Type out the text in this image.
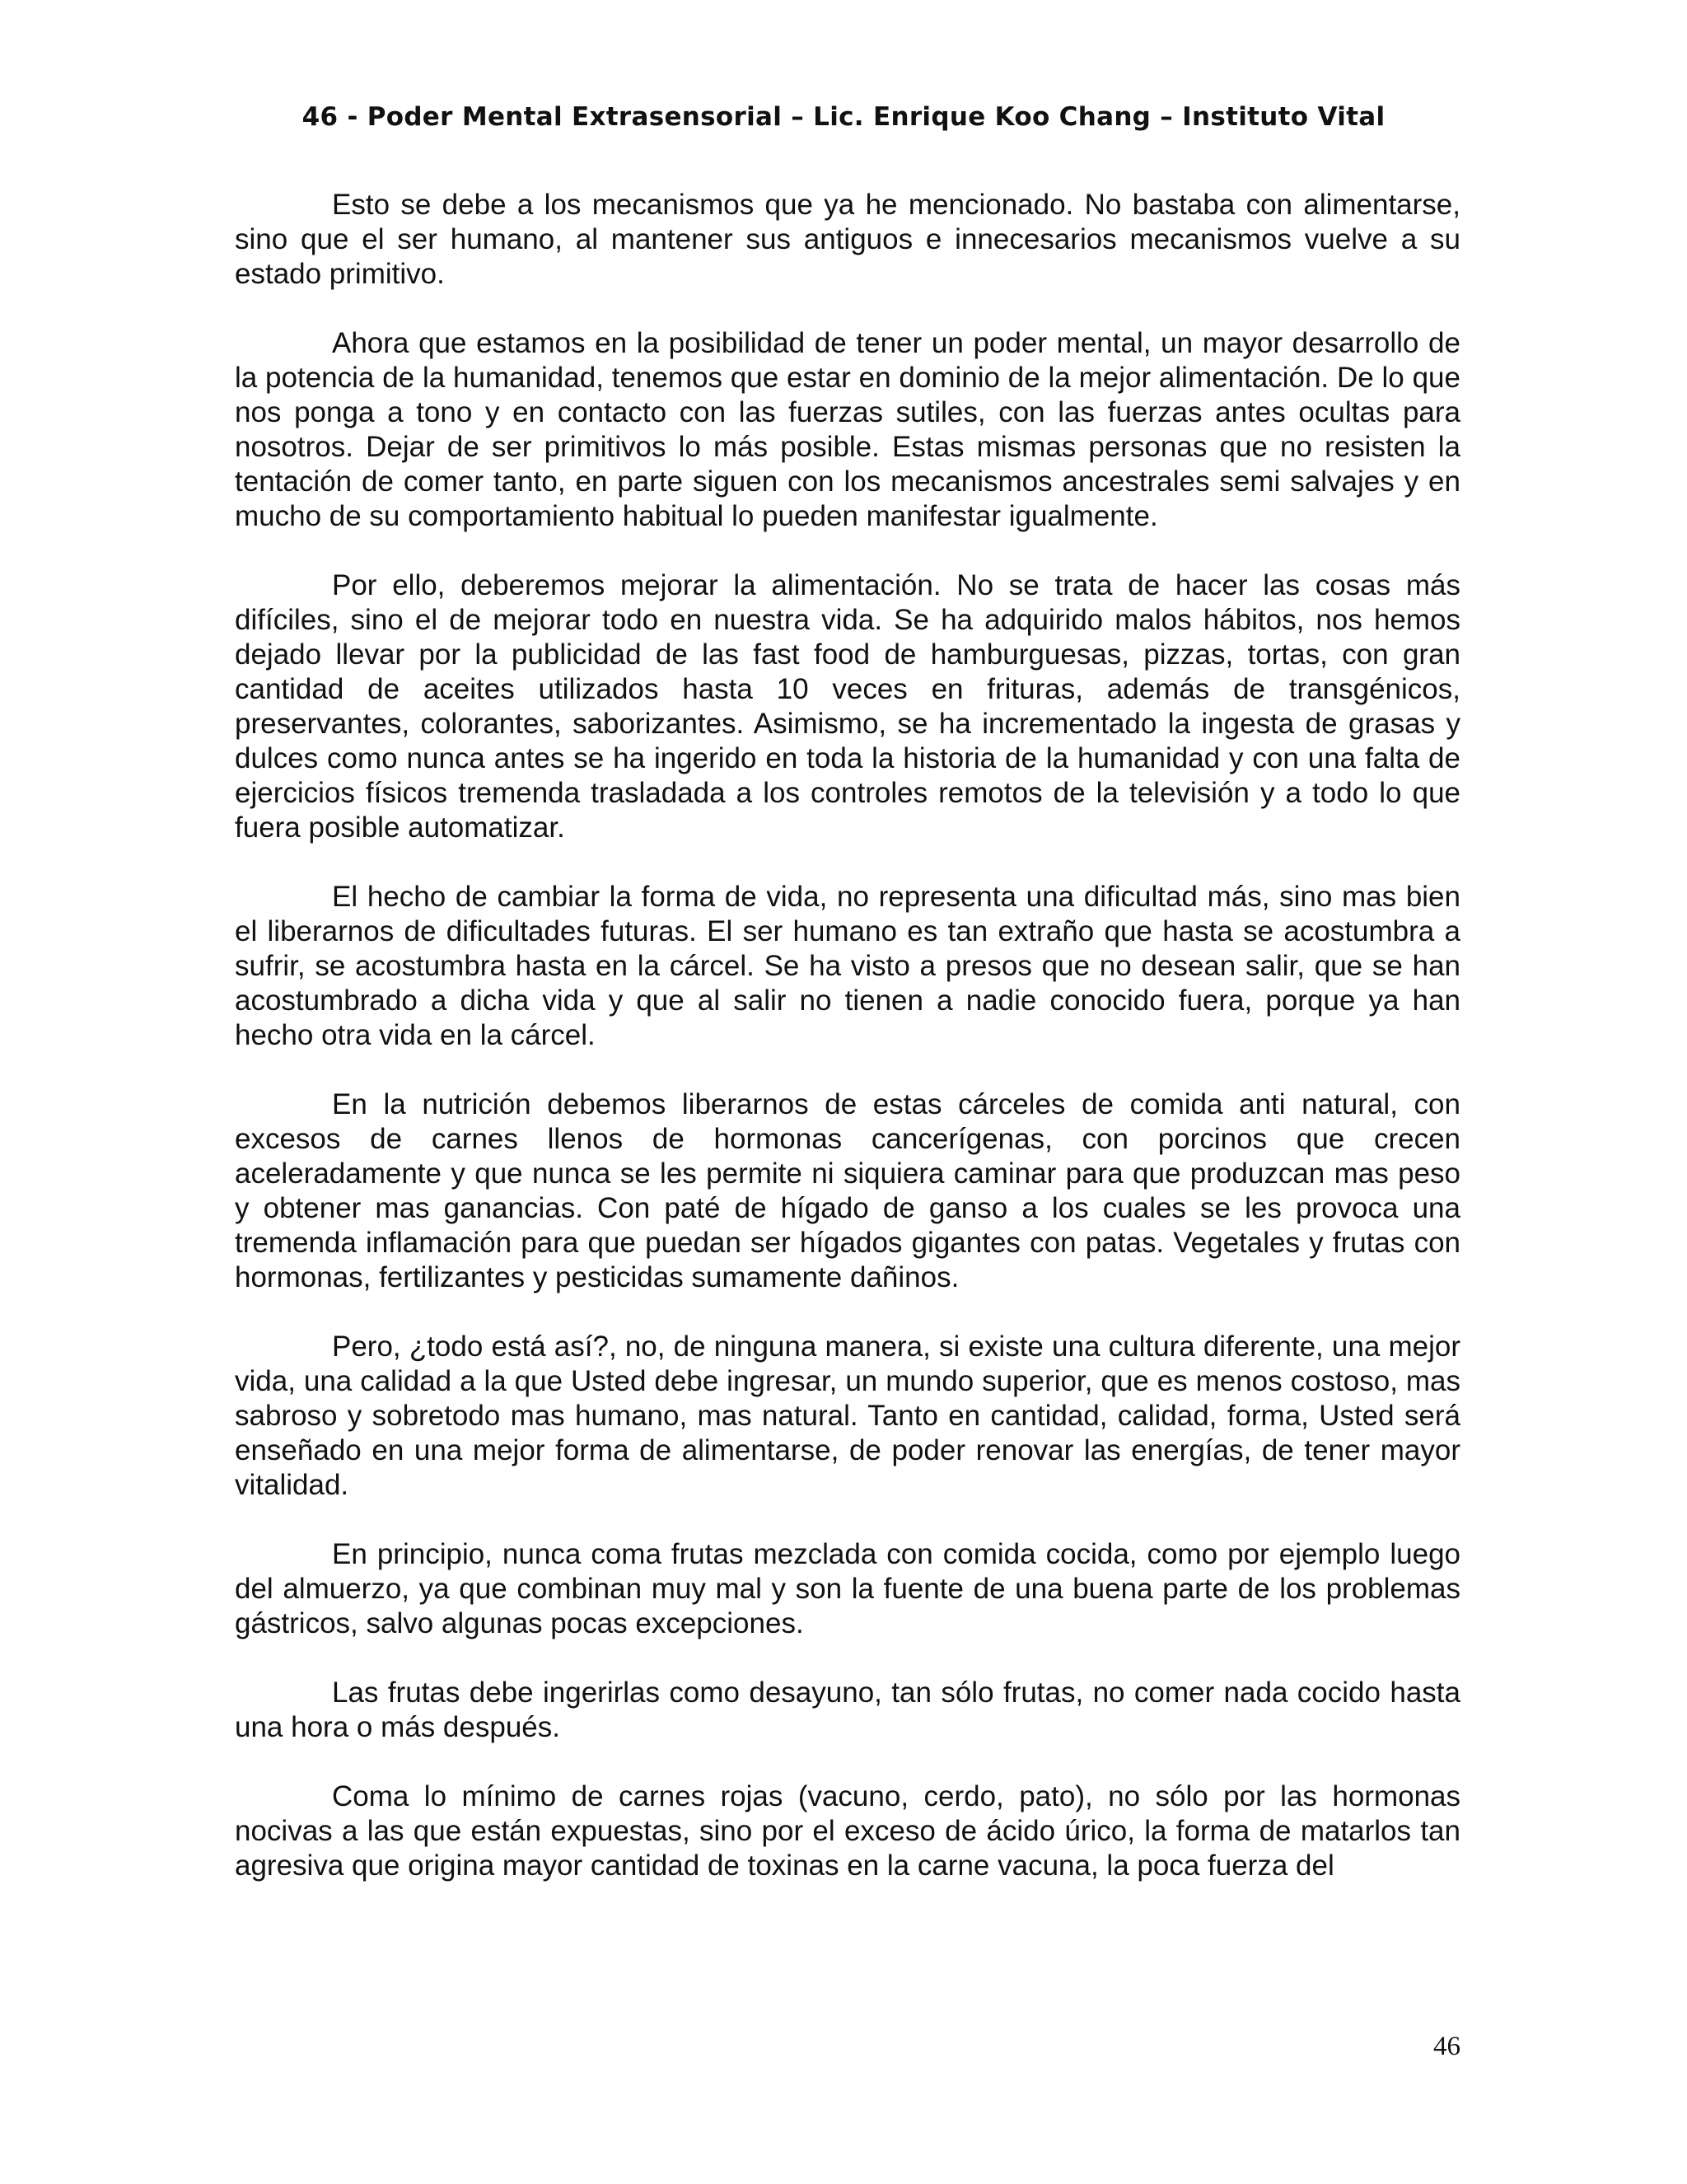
46 - Poder Mental Extrasensorial – Lic. Enrique Koo Chang – Instituto Vital

Esto se debe a los mecanismos que ya he mencionado. No bastaba con alimentarse, sino que el ser humano, al mantener sus antiguos e innecesarios mecanismos vuelve a su estado primitivo.

Ahora que estamos en la posibilidad de tener un poder mental, un mayor desarrollo de la potencia de la humanidad, tenemos que estar en dominio de la mejor alimentación. De lo que nos ponga a tono y en contacto con las fuerzas sutiles, con las fuerzas antes ocultas para nosotros. Dejar de ser primitivos lo más posible. Estas mismas personas que no resisten la tentación de comer tanto, en parte siguen con los mecanismos ancestrales semi salvajes y en mucho de su comportamiento habitual lo pueden manifestar igualmente.

Por ello, deberemos mejorar la alimentación. No se trata de hacer las cosas más difíciles, sino el de mejorar todo en nuestra vida. Se ha adquirido malos hábitos, nos hemos dejado llevar por la publicidad de las fast food de hamburguesas, pizzas, tortas, con gran cantidad de aceites utilizados hasta 10 veces en frituras, además de transgénicos, preservantes, colorantes, saborizantes. Asimismo, se ha incrementado la ingesta de grasas y dulces como nunca antes se ha ingerido en toda la historia de la humanidad y con una falta de ejercicios físicos tremenda trasladada a los controles remotos de la televisión y a todo lo que fuera posible automatizar.

El hecho de cambiar la forma de vida, no representa una dificultad más, sino mas bien el liberarnos de dificultades futuras. El ser humano es tan extraño que hasta se acostumbra a sufrir, se acostumbra hasta en la cárcel. Se ha visto a presos que no desean salir, que se han acostumbrado a dicha vida y que al salir no tienen a nadie conocido fuera, porque ya han hecho otra vida en la cárcel.

En la nutrición debemos liberarnos de estas cárceles de comida anti natural, con excesos de carnes llenos de hormonas cancerígenas, con porcinos que crecen aceleradamente y que nunca se les permite ni siquiera caminar para que produzcan mas peso y obtener mas ganancias. Con paté de hígado de ganso a los cuales se les provoca una tremenda inflamación para que puedan ser hígados gigantes con patas. Vegetales y frutas con hormonas, fertilizantes y pesticidas sumamente dañinos.

Pero, ¿todo está así?, no, de ninguna manera, si existe una cultura diferente, una mejor vida, una calidad a la que Usted debe ingresar, un mundo superior, que es menos costoso, mas sabroso y sobretodo mas humano, mas natural. Tanto en cantidad, calidad, forma, Usted será enseñado en una mejor forma de alimentarse, de poder renovar las energías, de tener mayor vitalidad.

En principio, nunca coma frutas mezclada con comida cocida, como por ejemplo luego del almuerzo, ya que combinan muy mal y son la fuente de una buena parte de los problemas gástricos, salvo algunas pocas excepciones.

Las frutas debe ingerirlas como desayuno, tan sólo frutas, no comer nada cocido hasta una hora o más después.

Coma lo mínimo de carnes rojas (vacuno, cerdo, pato), no sólo por las hormonas nocivas a las que están expuestas, sino por el exceso de ácido úrico, la forma de matarlos tan agresiva que origina mayor cantidad de toxinas en la carne vacuna, la poca fuerza del

46
